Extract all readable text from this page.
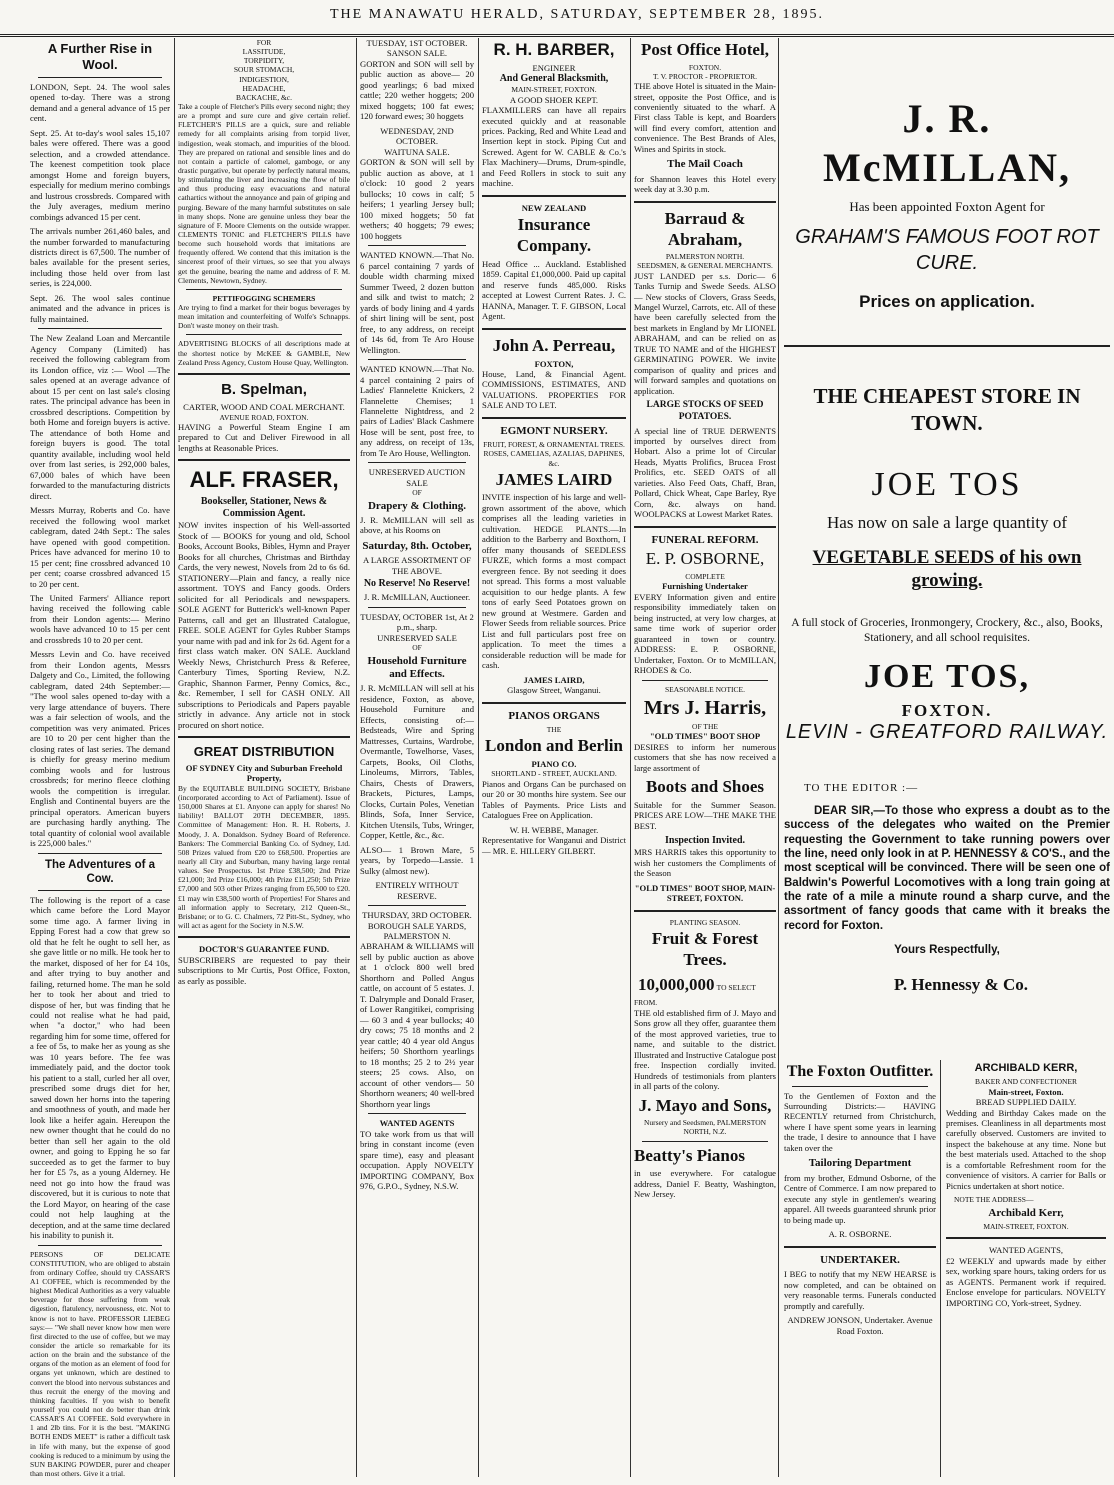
THE MANAWATU HERALD, SATURDAY, SEPTEMBER 28, 1895.
A Further Rise in Wool.

LONDON, Sept. 24. The wool sales opened to-day. There was a strong demand and a general advance of 15 per cent.

Sept. 25. At to-day's wool sales 15,107 bales were offered. There was a good selection, and a crowded attendance. The keenest competition took place amongst Home and foreign buyers, especially for medium merino combings and lustrous crossbreds. Compared with the July averages, medium merino combings advanced 15 per cent.

The arrivals number 261,460 bales, and the number forwarded to manufacturing districts direct is 67,500. The number of bales available for the present series, including those held over from last series, is 224,000.

Sept. 26. The wool sales continue animated and the advance in prices is fully maintained.

The New Zealand Loan and Mercantile Agency Company (Limited) has received the following cablegram from its London office, viz :— Wool —The sales opened at an average advance of about 15 per cent on last sale's closing rates. The principal advance has been in crossbred descriptions. Competition by both Home and foreign buyers is active. The attendance of both Home and foreign buyers is good. The total quantity available, including wool held over from last series, is 292,000 bales, 67,000 bales of which have been forwarded to the manufacturing districts direct.

Messrs Murray, Roberts and Co. have received the following wool market cablegram, dated 24th Sept.: The sales have opened with good competition. Prices have advanced for merino 10 to 15 per cent; fine crossbred advanced 10 per cent; coarse crossbred advanced 15 to 20 per cent.

The United Farmers' Alliance report having received the following cable from their London agents:— Merino wools have advanced 10 to 15 per cent and crossbreds 10 to 20 per cent.

Messrs Levin and Co. have received from their London agents, Messrs Dalgety and Co., Limited, the following cablegram, dated 24th September:— "The wool sales opened to-day with a very large attendance of buyers. There was a fair selection of wools, and the competition was very animated. Prices are 10 to 20 per cent higher than the closing rates of last series. The demand is chiefly for greasy merino medium combing wools and for lustrous crossbreds; for merino fleece clothing wools the competition is irregular. English and Continental buyers are the principal operators. American buyers are purchasing hardly anything. The total quantity of colonial wool available is 225,000 bales."

The Adventures of a Cow.

The following is the report of a case which came before the Lord Mayor some time ago. A farmer living in Epping Forest had a cow that grew so old that he felt he ought to sell her, as she gave little or no milk. He took her to the market, disposed of her for £4 10s, and after trying to buy another and failing, returned home. The man he sold her to took her about and tried to dispose of her, but was finding that he could not realise what he had paid, when "a doctor," who had been regarding him for some time, offered for a fee of 5s, to make her as young as she was 10 years before. The fee was immediately paid, and the doctor took his patient to a stall, curled her all over, prescribed some drugs diet for her, sawed down her horns into the tapering and smoothness of youth, and made her look like a heifer again. Hereupon the new owner thought that he could do no better than sell her again to the old owner, and going to Epping he so far succeeded as to get the farmer to buy her for £5 7s, as a young Alderney. He need not go into how the fraud was discovered, but it is curious to note that the Lord Mayor, on hearing of the case could not help laughing at the deception, and at the same time declared his inability to punish it.

PERSONS OF DELICATE CONSTITUTION, who are obliged to abstain from ordinary Coffee, should try CASSAR'S A1 COFFEE, which is recommended by the highest Medical Authorities as a very valuable beverage for those suffering from weak digestion, flatulency, nervousness, etc. Not to know is not to have. PROFESSOR LIEBEG says:— "We shall never know how men were first directed to the use of coffee, but we may consider the article so remarkable for its action on the brain and the substance of the organs of the motion as an element of food for organs yet unknown, which are destined to convert the blood into nervous substances and thus recruit the energy of the moving and thinking faculties. If you wish to benefit yourself you could not do better than drink CASSAR'S A1 COFFEE. Sold everywhere in 1 and 2lb tins. For it is the best. "MAKING BOTH ENDS MEET" is rather a difficult task in life with many, but the expense of good cooking is reduced to a minimum by using the SUN BAKING POWDER, purer and cheaper than most others. Give it a trial.

FOR
LASSITUDE,
TORPIDITY,
SOUR STOMACH,
INDIGESTION,
HEADACHE,
BACKACHE, &c.

Take a couple of Fletcher's Pills every second night; they are a prompt and sure cure and give certain relief. FLETCHER'S PILLS are a quick, sure and reliable remedy for all complaints arising from torpid liver, indigestion, weak stomach, and impurities of the blood. They are prepared on rational and sensible lines and do not contain a particle of calomel, gamboge, or any drastic purgative, but operate by perfectly natural means, by stimulating the liver and increasing the flow of bile and thus producing easy evacuations and natural cathartics without the annoyance and pain of griping and purging. Beware of the many harmful substitutes on sale in many shops. None are genuine unless they bear the signature of F. Moore Clements on the outside wrapper. CLEMENTS TONIC and FLETCHER'S PILLS have become such household words that imitations are frequently offered. We contend that this imitation is the sincerest proof of their virtues, so see that you always get the genuine, bearing the name and address of F. M. Clements, Newtown, Sydney.

PETTIFOGGING SCHEMERS

Are trying to find a market for their bogus beverages by mean imitation and counterfeiting of Wolfe's Schnapps. Don't waste money on their trash.

ADVERTISING BLOCKS of all descriptions made at the shortest notice by McKEE & GAMBLE, New Zealand Press Agency, Custom House Quay, Wellington.

B. Spelman,
CARTER, WOOD AND COAL MERCHANT.
AVENUE ROAD, FOXTON.

HAVING a Powerful Steam Engine I am prepared to Cut and Deliver Firewood in all lengths at Reasonable Prices.

ALF. FRASER,
Bookseller, Stationer, News & Commission Agent.

NOW invites inspection of his Well-assorted Stock of — BOOKS for young and old, School Books, Account Books, Bibles, Hymn and Prayer Books for all churches, Christmas and Birthday Cards, the very newest, Novels from 2d to 6s 6d. STATIONERY—Plain and fancy, a really nice assortment. TOYS and Fancy goods. Orders solicited for all Periodicals and newspapers. SOLE AGENT for Butterick's well-known Paper Patterns, call and get an Illustrated Catalogue, FREE. SOLE AGENT for Gyles Rubber Stamps your name with pad and ink for 2s 6d. Agent for a first class watch maker. ON SALE. Auckland Weekly News, Christchurch Press & Referee, Canterbury Times, Sporting Review, N.Z. Graphic, Shannon Farmer, Penny Comics, &c., &c. Remember, I sell for CASH ONLY. All subscriptions to Periodicals and Papers payable strictly in advance. Any article not in stock procured on short notice.

GREAT DISTRIBUTION
OF SYDNEY City and Suburban Freehold Property,

By the EQUITABLE BUILDING SOCIETY, Brisbane (incorporated according to Act of Parliament). Issue of 150,000 Shares at £1. Anyone can apply for shares! No liability! BALLOT 20TH DECEMBER, 1895. Committee of Management: Hon. R. H. Roberts, J. Moody, J. A. Donaldson. Sydney Board of Reference. Bankers: The Commercial Banking Co. of Sydney, Ltd. 508 Prizes valued from £20 to £68,500. Properties are nearly all City and Suburban, many having large rental values. See Prospectus. 1st Prize £38,500; 2nd Prize £21,000; 3rd Prize £16,000; 4th Prize £11,250; 5th Prize £7,000 and 503 other Prizes ranging from £6,500 to £20. £1 may win £38,500 worth of Properties! For Shares and all information apply to Secretary, 212 Queen-St., Brisbane; or to G. C. Chalmers, 72 Pitt-St., Sydney, who will act as agent for the Society in N.S.W.

DOCTOR'S GUARANTEE FUND.

SUBSCRIBERS are requested to pay their subscriptions to Mr Curtis, Post Office, Foxton, as early as possible.

TUESDAY, 1ST OCTOBER.
SANSON SALE.

GORTON and SON will sell by public auction as above— 20 good yearlings; 6 bad mixed cattle; 220 wether hoggets; 200 mixed hoggets; 100 fat ewes; 120 forward ewes; 30 hoggets

WEDNESDAY, 2ND OCTOBER.
WAITUNA SALE.

GORTON & SON will sell by public auction as above, at 1 o'clock: 10 good 2 years bullocks; 10 cows in calf; 5 heifers; 1 yearling Jersey bull; 100 mixed hoggets; 50 fat wethers; 40 hoggets; 79 ewes; 100 hoggets

WANTED KNOWN.—That No. 6 parcel containing 7 yards of double width charming mixed Summer Tweed, 2 dozen button and silk and twist to match; 2 yards of body lining and 4 yards of shirt lining will be sent, post free, to any address, on receipt of 14s 6d, from Te Aro House Wellington.

WANTED KNOWN.—That No. 4 parcel containing 2 pairs of Ladies' Flannelette Knickers, 2 Flannelette Chemises; 1 Flannelette Nightdress, and 2 pairs of Ladies' Black Cashmere Hose will be sent, post free, to any address, on receipt of 13s, from Te Aro House, Wellington.

UNRESERVED AUCTION SALE
OF
Drapery & Clothing.

J. R. McMILLAN will sell as above, at his Rooms on

Saturday, 8th. October,
A LARGE ASSORTMENT OF THE ABOVE.
No Reserve! No Reserve!
J. R. McMILLAN, Auctioneer.
TUESDAY, OCTOBER 1st, At 2 p.m., sharp.
UNRESERVED SALE
OF
Household Furniture and Effects.

J. R. McMILLAN will sell at his residence, Foxton, as above, Household Furniture and Effects, consisting of:— Bedsteads, Wire and Spring Mattresses, Curtains, Wardrobe, Overmantle, Towelhorse, Vases, Carpets, Books, Oil Cloths, Linoleums, Mirrors, Tables, Chairs, Chests of Drawers, Brackets, Pictures, Lamps, Clocks, Curtain Poles, Venetian Blinds, Sofa, Inner Service, Kitchen Utensils, Tubs, Wringer, Copper, Kettle, &c., &c.

ALSO— 1 Brown Mare, 5 years, by Torpedo—Lassie. 1 Sulky (almost new).

ENTIRELY WITHOUT RESERVE.
THURSDAY, 3RD OCTOBER.
BOROUGH SALE YARDS, PALMERSTON N.

ABRAHAM & WILLIAMS will sell by public auction as above at 1 o'clock 800 well bred Shorthorn and Polled Angus cattle, on account of 5 estates. J. T. Dalrymple and Donald Fraser, of Lower Rangitikei, comprising— 60 3 and 4 year bullocks; 40 dry cows; 75 18 months and 2 year cattle; 40 4 year old Angus heifers; 50 Shorthorn yearlings to 18 months; 25 2 to 2½ year steers; 25 cows. Also, on account of other vendors— 50 Shorthorn weaners; 40 well-bred Shorthorn year lings

WANTED AGENTS

TO take work from us that will bring in constant income (even spare time), easy and pleasant occupation. Apply NOVELTY IMPORTING COMPANY, Box 976, G.P.O., Sydney, N.S.W.

R. H. BARBER,
ENGINEER
And General Blacksmith,
MAIN-STREET, FOXTON.
A GOOD SHOER KEPT.

FLAXMILLERS can have all repairs executed quickly and at reasonable prices. Packing, Red and White Lead and Insertion kept in stock. Piping Cut and Screwed. Agent for W. CABLE & Co.'s Flax Machinery—Drums, Drum-spindle, and Feed Rollers in stock to suit any machine.

NEW ZEALAND
Insurance Company.

Head Office ... Auckland. Established 1859. Capital £1,000,000. Paid up capital and reserve funds 485,000. Risks accepted at Lowest Current Rates. J. C. HANNA, Manager. T. F. GIBSON, Local Agent.

John A. Perreau,
FOXTON,

House, Land, & Financial Agent. COMMISSIONS, ESTIMATES, AND VALUATIONS. PROPERTIES FOR SALE AND TO LET.

EGMONT NURSERY.
FRUIT, FOREST, & ORNAMENTAL TREES.
ROSES, CAMELIAS, AZALIAS, DAPHNES, &c.
JAMES LAIRD

INVITE inspection of his large and well-grown assortment of the above, which comprises all the leading varieties in cultivation. HEDGE PLANTS.—In addition to the Barberry and Boxthorn, I offer many thousands of SEEDLESS FURZE, which forms a most compact evergreen fence. By not seeding it does not spread. This forms a most valuable acquisition to our hedge plants. A few tons of early Seed Potatoes grown on new ground at Westmere. Garden and Flower Seeds from reliable sources. Price List and full particulars post free on application. To meet the times a considerable reduction will be made for cash.

JAMES LAIRD,
Glasgow Street, Wanganui.
PIANOS ORGANS
THE
London and Berlin
PIANO CO.
SHORTLAND - STREET, AUCKLAND.

Pianos and Organs Can be purchased on our 20 or 30 months hire system. See our Tables of Payments. Price Lists and Catalogues Free on Application.

W. H. WEBBE, Manager.

Representative for Wanganui and District— MR. E. HILLERY GILBERT.

Post Office Hotel,
FOXTON.
T. V. PROCTOR - PROPRIETOR.

THE above Hotel is situated in the Main-street, opposite the Post Office, and is conveniently situated to the wharf. A First class Table is kept, and Boarders will find every comfort, attention and convenience. The Best Brands of Ales, Wines and Spirits in stock.

The Mail Coach

for Shannon leaves this Hotel every week day at 3.30 p.m.

Barraud & Abraham,
PALMERSTON NORTH.
SEEDSMEN, & GENERAL MERCHANTS.

JUST LANDED per s.s. Doric— 6 Tanks Turnip and Swede Seeds. ALSO— New stocks of Clovers, Grass Seeds, Mangel Wurzel, Carrots, etc. All of these have been carefully selected from the best markets in England by Mr LIONEL ABRAHAM, and can be relied on as TRUE TO NAME and of the HIGHEST GERMINATING POWER. We invite comparison of quality and prices and will forward samples and quotations on application.

LARGE STOCKS OF SEED POTATOES.

A special line of TRUE DERWENTS imported by ourselves direct from Hobart. Also a prime lot of Circular Heads, Myatts Prolifics, Brucea Frost Prolifics, etc. SEED OATS of all varieties. Also Feed Oats, Chaff, Bran, Pollard, Chick Wheat, Cape Barley, Rye Corn, &c. always on hand. WOOLPACKS at Lowest Market Rates.

FUNERAL REFORM.
E. P. OSBORNE,
COMPLETE
Furnishing Undertaker

EVERY Information given and entire responsibility immediately taken on being instructed, at very low charges, at same time work of superior order guaranteed in town or country. ADDRESS: E. P. OSBORNE, Undertaker, Foxton. Or to McMILLAN, RHODES & Co.

SEASONABLE NOTICE.
Mrs J. Harris,
OF THE
"OLD TIMES" BOOT SHOP

DESIRES to inform her numerous customers that she has now received a large assortment of

Boots and Shoes

Suitable for the Summer Season. PRICES ARE LOW—THE MAKE THE BEST.

Inspection Invited.

MRS HARRIS takes this opportunity to wish her customers the Compliments of the Season

"OLD TIMES" BOOT SHOP, MAIN-STREET, FOXTON.
PLANTING SEASON.
Fruit & Forest Trees.
10,000,000 TO SELECT FROM.

THE old established firm of J. Mayo and Sons grow all they offer, guarantee them of the most approved varieties, true to name, and suitable to the district. Illustrated and Instructive Catalogue post free. Inspection cordially invited. Hundreds of testimonials from planters in all parts of the colony.

J. Mayo and Sons,
Nursery and Seedsmen, PALMERSTON NORTH, N.Z.
Beatty's Pianos

in use everywhere. For catalogue address, Daniel F. Beatty, Washington, New Jersey.

J. R. McMILLAN,
Has been appointed Foxton Agent for
GRAHAM'S FAMOUS FOOT ROT CURE.
Prices on application.
THE CHEAPEST STORE IN TOWN.
JOE TOS
Has now on sale a large quantity of
VEGETABLE SEEDS of his own growing.
A full stock of Groceries, Ironmongery, Crockery, &c., also, Books, Stationery, and all school requisites.
JOE TOS,
FOXTON.
LEVIN - GREATFORD RAILWAY.
TO THE EDITOR :—

DEAR SIR,—To those who express a doubt as to the success of the delegates who waited on the Premier requesting the Government to take running powers over the line, need only look in at P. HENNESSY & CO'S., and the most sceptical will be convinced. There will be seen one of Baldwin's Powerful Locomotives with a long train going at the rate of a mile a minute round a sharp curve, and the assortment of fancy goods that came with it breaks the record for Foxton.

Yours Respectfully,
P. Hennessy & Co.
The Foxton Outfitter.

To the Gentlemen of Foxton and the Surrounding Districts:— HAVING RECENTLY returned from Christchurch, where I have spent some years in learning the trade, I desire to announce that I have taken over the

Tailoring Department

from my brother, Edmund Osborne, of the Centre of Commerce. I am now prepared to execute any style in gentlemen's wearing apparel. All tweeds guaranteed shrunk prior to being made up.

A. R. OSBORNE.
UNDERTAKER.

I BEG to notify that my NEW HEARSE is now completed, and can be obtained on very reasonable terms. Funerals conducted promptly and carefully.

ANDREW JONSON, Undertaker. Avenue Road Foxton.
ARCHIBALD KERR,
BAKER AND CONFECTIONER
Main-street, Foxton.
BREAD SUPPLIED DAILY.

Wedding and Birthday Cakes made on the premises. Cleanliness in all departments most carefully observed. Customers are invited to inspect the bakehouse at any time. None but the best materials used. Attached to the shop is a comfortable Refreshment room for the convenience of visitors. A carrier for Balls or Picnics undertaken at short notice.

NOTE THE ADDRESS—
Archibald Kerr,
MAIN-STREET, FOXTON.
WANTED AGENTS,

£2 WEEKLY and upwards made by either sex, working spare hours, taking orders for us as AGENTS. Permanent work if required. Enclose envelope for particulars. NOVELTY IMPORTING CO, York-street, Sydney.
